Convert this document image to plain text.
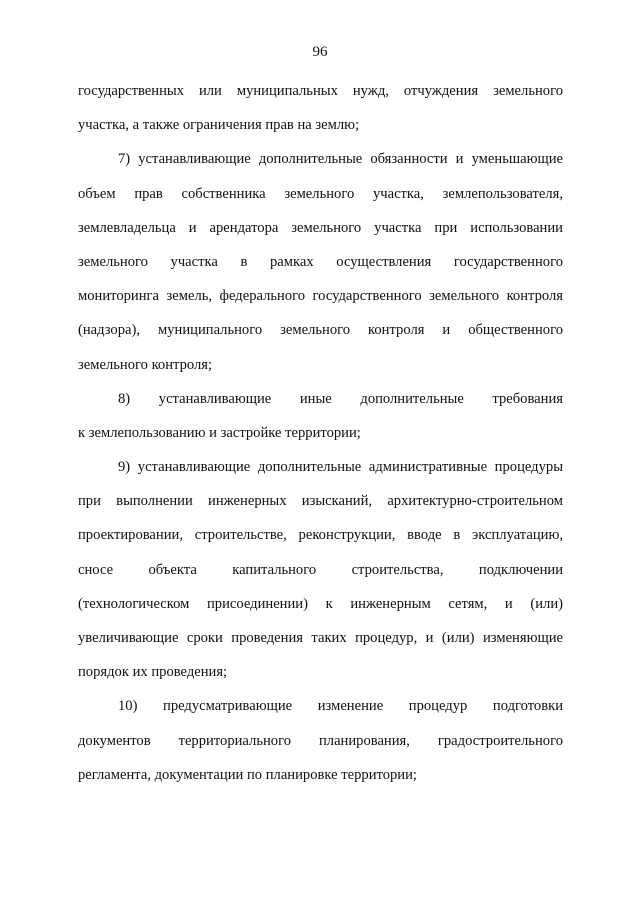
96
государственных или муниципальных нужд, отчуждения земельного
участка, а также ограничения прав на землю;
7) устанавливающие дополнительные обязанности и уменьшающие
объем прав собственника земельного участка, землепользователя,
землевладельца и арендатора земельного участка при использовании
земельного участка в рамках осуществления государственного
мониторинга земель, федерального государственного земельного контроля
(надзора), муниципального земельного контроля и общественного
земельного контроля;
8) устанавливающие иные дополнительные требования
к землепользованию и застройке территории;
9) устанавливающие дополнительные административные процедуры
при выполнении инженерных изысканий, архитектурно-строительном
проектировании, строительстве, реконструкции, вводе в эксплуатацию,
сносе объекта капитального строительства, подключении
(технологическом присоединении) к инженерным сетям, и (или)
увеличивающие сроки проведения таких процедур, и (или) изменяющие
порядок их проведения;
10) предусматривающие изменение процедур подготовки
документов территориального планирования, градостроительного
регламента, документации по планировке территории;
